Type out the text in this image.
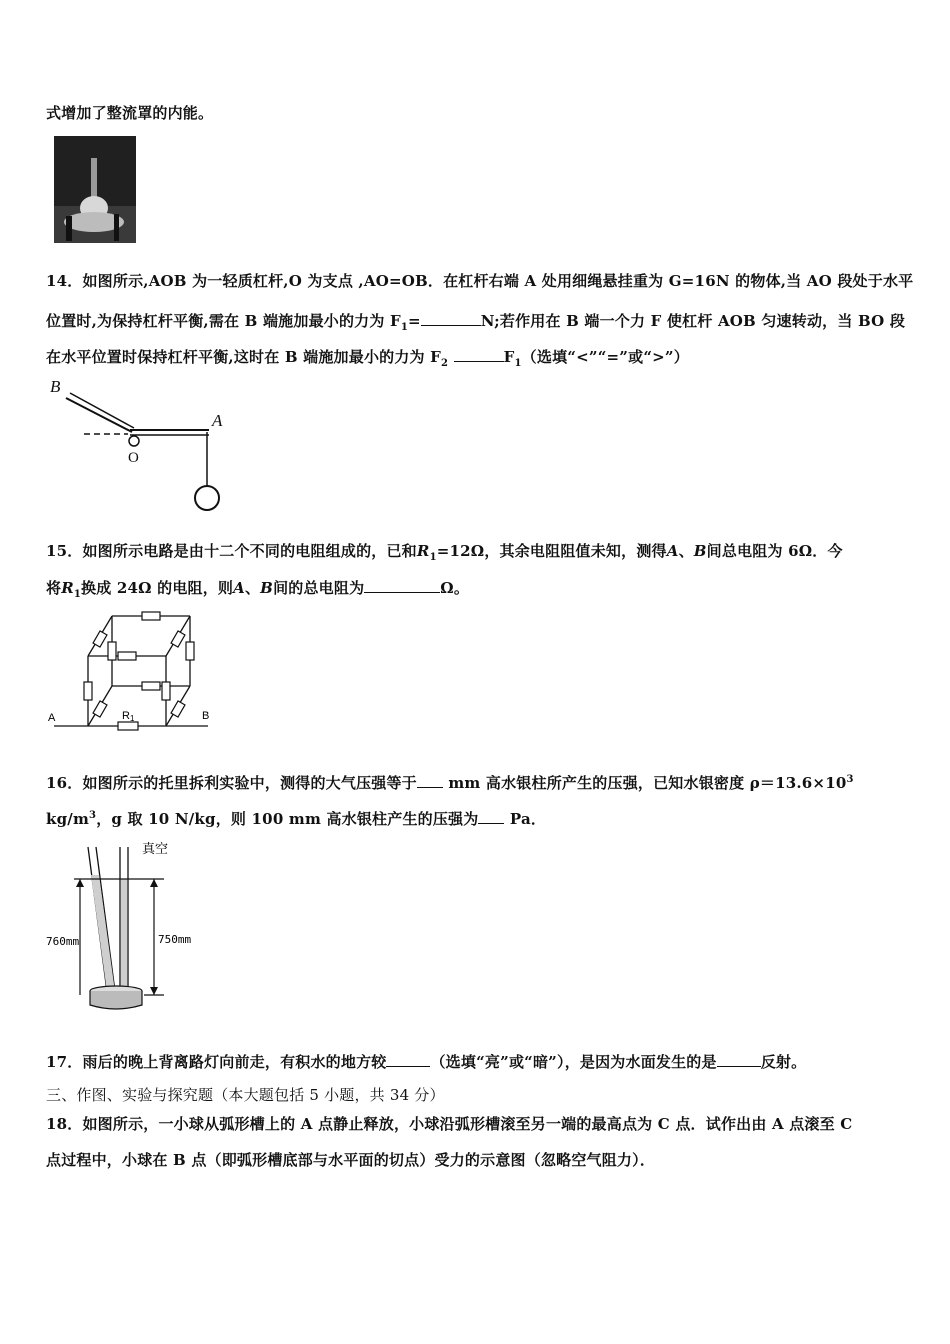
式增加了整流罩的内能。
14．如图所示,AOB 为一轻质杠杆,O 为支点 ,AO=OB．在杠杆右端 A 处用细绳悬挂重为 G=16N 的物体,当 AO 段处于水平
位置时,为保持杠杆平衡,需在 B 端施加最小的力为 $F_1=$	N;若作用在 B 端一个力 F 使杠杆 AOB 匀速转动，当 BO 段
在水平位置时保持杠杆平衡,这时在 B 端施加最小的力为 $F_2$	$F_1$（选填“<”“=”或“>”）
B
A
O
15．如图所示电路是由十二个不同的电阻组成的，已和$R_1=12\Omega$，其余电阻阻值未知，测得A、B间总电阻为 6Ω．今
将$R_1$换成 24Ω 的电阻，则A、B间的总电阻为	Ω。
A	B
R1
16．如图所示的托里拆利实验中，测得的大气压强等于 mm 高水银柱所产生的压强，已知水银密度 $\rho=13.6\times 10^3$
$kg/m^3$，g 取 10 N/kg，则 100 mm 高水银柱产生的压强为 Pa．
真空
760mm	750mm
17．雨后的晚上背离路灯向前走，有积水的地方较	（选填“亮”或“暗”），是因为水面发生的是	反射。
三、作图、实验与探究题（本大题包括 5 小题，共 34 分）
18．如图所示，一小球从弧形槽上的 A 点静止释放，小球沿弧形槽滚至另一端的最高点为 C 点．试作出由 A 点滚至 C
点过程中，小球在 B 点（即弧形槽底部与水平面的切点）受力的示意图（忽略空气阻力）．
